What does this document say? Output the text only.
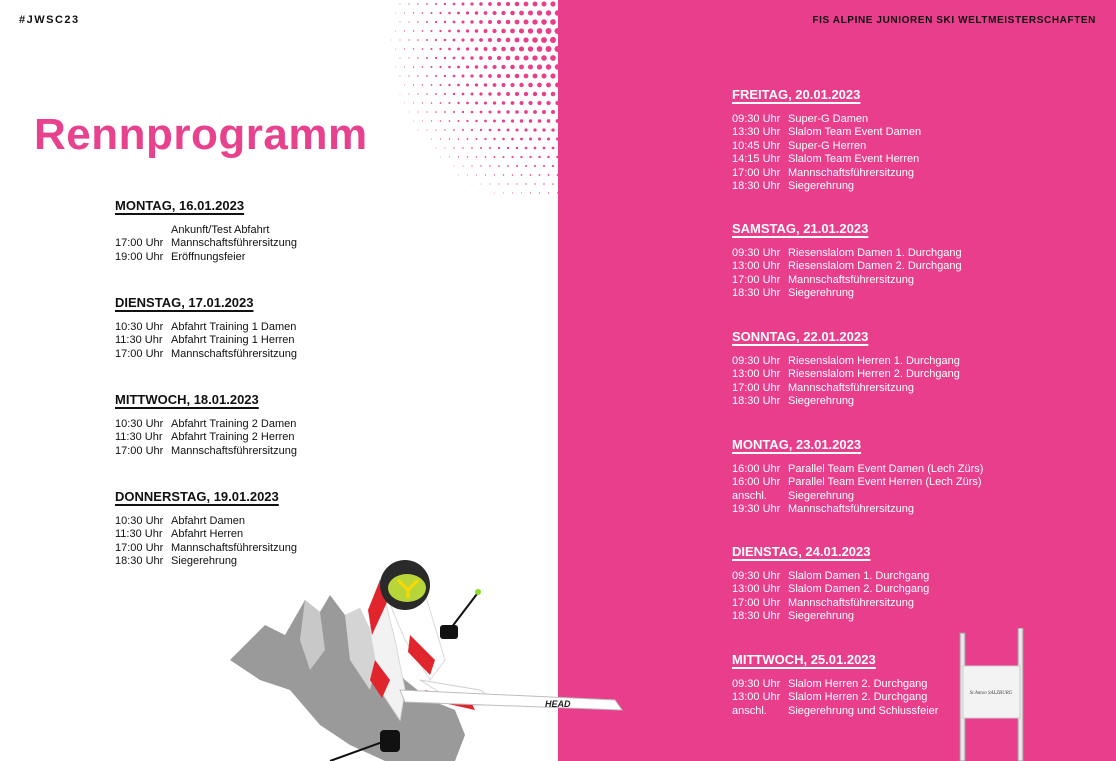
#JWSC23
Rennprogramm
MONTAG, 16.01.2023
Ankunft/Test Abfahrt
17:00 Uhr Mannschaftsführersitzung
19:00 Uhr Eröffnungsfeier
DIENSTAG, 17.01.2023
10:30 Uhr Abfahrt Training 1 Damen
11:30 Uhr Abfahrt Training 1 Herren
17:00 Uhr Mannschaftsführersitzung
MITTWOCH, 18.01.2023
10:30 Uhr Abfahrt Training 2 Damen
11:30 Uhr Abfahrt Training 2 Herren
17:00 Uhr Mannschaftsführersitzung
DONNERSTAG, 19.01.2023
10:30 Uhr Abfahrt Damen
11:30 Uhr Abfahrt Herren
17:00 Uhr Mannschaftsführersitzung
18:30 Uhr Siegerehrung
FIS ALPINE JUNIOREN SKI WELTMEISTERSCHAFTEN
FREITAG, 20.01.2023
09:30 Uhr Super-G Damen
13:30 Uhr Slalom Team Event Damen
10:45 Uhr Super-G Herren
14:15 Uhr Slalom Team Event Herren
17:00 Uhr Mannschaftsführersitzung
18:30 Uhr Siegerehrung
SAMSTAG, 21.01.2023
09:30 Uhr Riesenslalom Damen 1. Durchgang
13:00 Uhr Riesenslalom Damen 2. Durchgang
17:00 Uhr Mannschaftsführersitzung
18:30 Uhr Siegerehrung
SONNTAG, 22.01.2023
09:30 Uhr Riesenslalom Herren 1. Durchgang
13:00 Uhr Riesenslalom Herren 2. Durchgang
17:00 Uhr Mannschaftsführersitzung
18:30 Uhr Siegerehrung
MONTAG, 23.01.2023
16:00 Uhr Parallel Team Event Damen (Lech Zürs)
16:00 Uhr Parallel Team Event Herren (Lech Zürs)
anschl.	Siegerehrung
19:30 Uhr Mannschaftsführersitzung
DIENSTAG, 24.01.2023
09:30 Uhr Slalom Damen 1. Durchgang
13:00 Uhr Slalom Damen 2. Durchgang
17:00 Uhr Mannschaftsführersitzung
18:30 Uhr Siegerehrung
MITTWOCH, 25.01.2023
09:30 Uhr Slalom Herren 2. Durchgang
13:00 Uhr Slalom Herren 2. Durchgang
anschl.	Siegerehrung und Schlussfeier
HEAD
St.Anton SALZBURG
